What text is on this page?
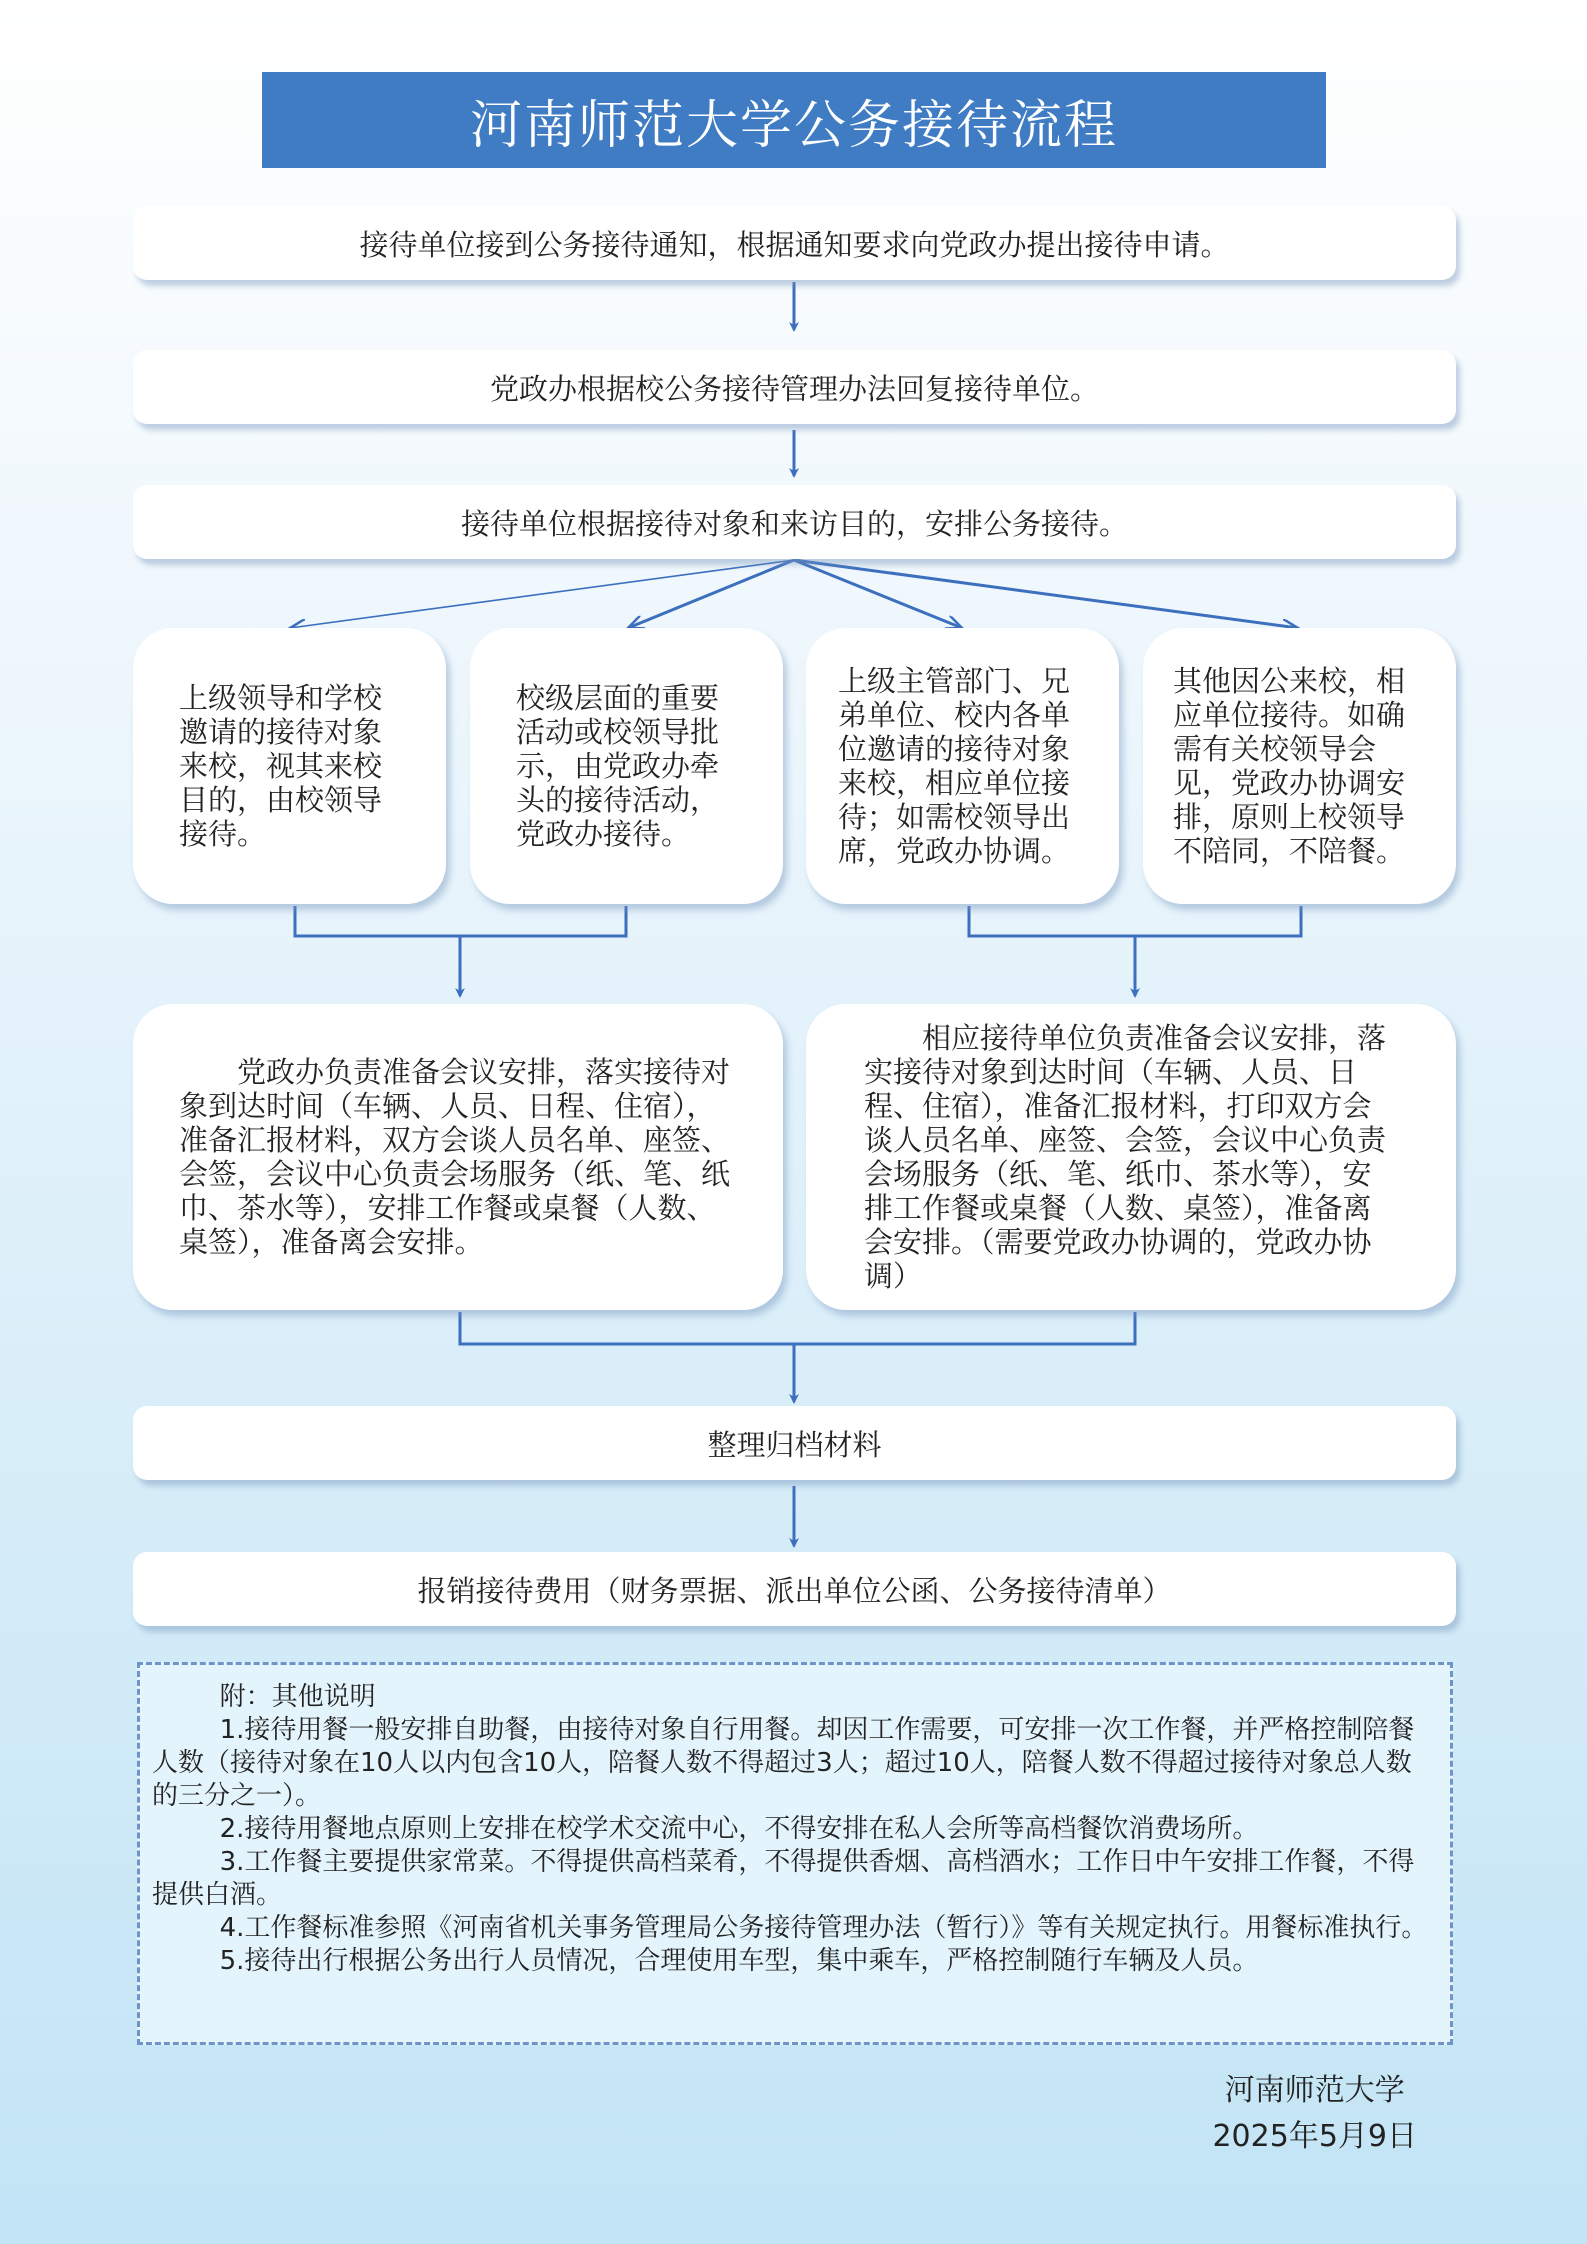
河南师范大学公务接待流程
接待单位接到公务接待通知，根据通知要求向党政办提出接待申请。
党政办根据校公务接待管理办法回复接待单位。
接待单位根据接待对象和来访目的，安排公务接待。
上级领导和学校邀请的接待对象来校，视其来校目的，由校领导接待。
校级层面的重要活动或校领导批示，由党政办牵头的接待活动，党政办接待。
上级主管部门、兄弟单位、校内各单位邀请的接待对象来校，相应单位接待；如需校领导出席，党政办协调。
其他因公来校，相应单位接待。如确需有关校领导会见，党政办协调安排，原则上校领导不陪同，不陪餐。
党政办负责准备会议安排，落实接待对象到达时间（车辆、人员、日程、住宿），准备汇报材料，双方会谈人员名单、座签、会签，会议中心负责会场服务（纸、笔、纸巾、茶水等），安排工作餐或桌餐（人数、桌签），准备离会安排。
相应接待单位负责准备会议安排，落实接待对象到达时间（车辆、人员、日程、住宿），准备汇报材料，打印双方会谈人员名单、座签、会签，会议中心负责会场服务（纸、笔、纸巾、茶水等），安排工作餐或桌餐（人数、桌签），准备离会安排。（需要党政办协调的，党政办协调）
整理归档材料
报销接待费用（财务票据、派出单位公函、公务接待清单）

附：其他说明

1.接待用餐一般安排自助餐，由接待对象自行用餐。却因工作需要，可安排一次工作餐，并严格控制陪餐人数（接待对象在10人以内包含10人，陪餐人数不得超过3人；超过10人，陪餐人数不得超过接待对象总人数的三分之一）。

2.接待用餐地点原则上安排在校学术交流中心，不得安排在私人会所等高档餐饮消费场所。

3.工作餐主要提供家常菜。不得提供高档菜肴，不得提供香烟、高档酒水；工作日中午安排工作餐，不得提供白酒。

4.工作餐标准参照《河南省机关事务管理局公务接待管理办法（暂行）》等有关规定执行。用餐标准执行。

5.接待出行根据公务出行人员情况，合理使用车型，集中乘车，严格控制随行车辆及人员。

河南师范大学
2025年5月9日
